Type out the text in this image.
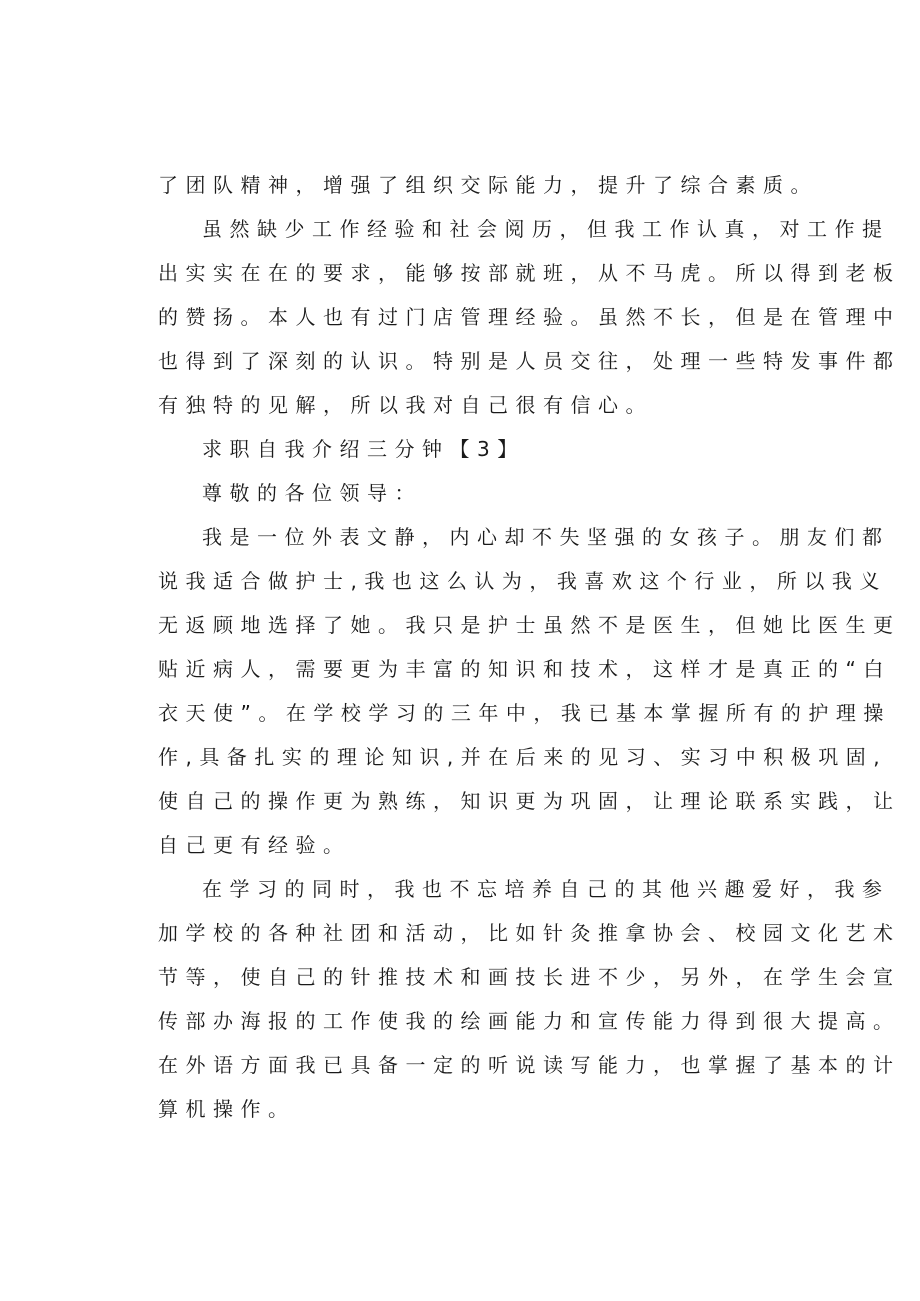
了团队精神，增强了组织交际能力，提升了综合素质。
虽然缺少工作经验和社会阅历，但我工作认真，对工作提
出实实在在的要求，能够按部就班，从不马虎。所以得到老板
的赞扬。本人也有过门店管理经验。虽然不长，但是在管理中
也得到了深刻的认识。特别是人员交往，处理一些特发事件都
有独特的见解，所以我对自己很有信心。
求职自我介绍三分钟【3】
尊敬的各位领导：
我是一位外表文静，内心却不失坚强的女孩子。朋友们都
说我适合做护士,我也这么认为，我喜欢这个行业，所以我义
无返顾地选择了她。我只是护士虽然不是医生，但她比医生更
贴近病人，需要更为丰富的知识和技术，这样才是真正的“白
衣天使”。在学校学习的三年中，我已基本掌握所有的护理操
作,具备扎实的理论知识,并在后来的见习、实习中积极巩固,
使自己的操作更为熟练，知识更为巩固，让理论联系实践，让
自己更有经验。
在学习的同时，我也不忘培养自己的其他兴趣爱好，我参
加学校的各种社团和活动，比如针灸推拿协会、校园文化艺术
节等，使自己的针推技术和画技长进不少，另外，在学生会宣
传部办海报的工作使我的绘画能力和宣传能力得到很大提高。
在外语方面我已具备一定的听说读写能力，也掌握了基本的计
算机操作。
